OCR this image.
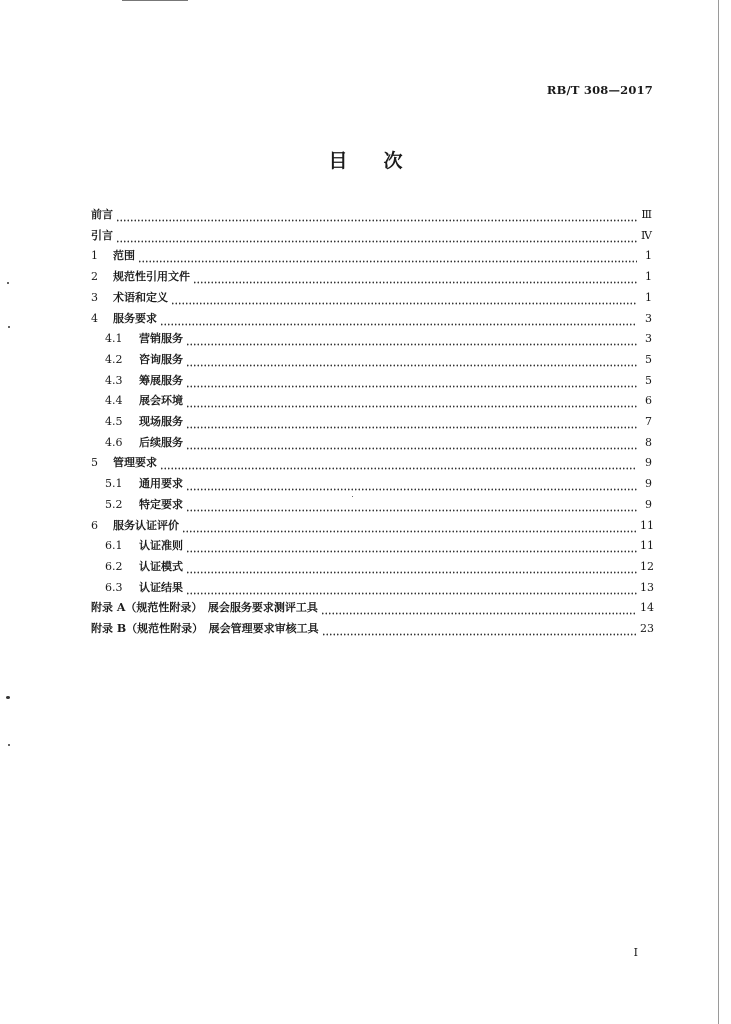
RB/T 308—2017
目次
前言	Ⅲ
引言	Ⅳ
1	范围	1
2	规范性引用文件	1
3	术语和定义	1
4	服务要求	3
4.1	营销服务	3
4.2	咨询服务	5
4.3	筹展服务	5
4.4	展会环境	6
4.5	现场服务	7
4.6	后续服务	8
5	管理要求	9
5.1	通用要求	9
5.2	特定要求	9
6	服务认证评价	11
6.1	认证准则	11
6.2	认证模式	12
6.3	认证结果	13
附录 A（规范性附录）　展会服务要求测评工具	14
附录 B（规范性附录）　展会管理要求审核工具	23
I
